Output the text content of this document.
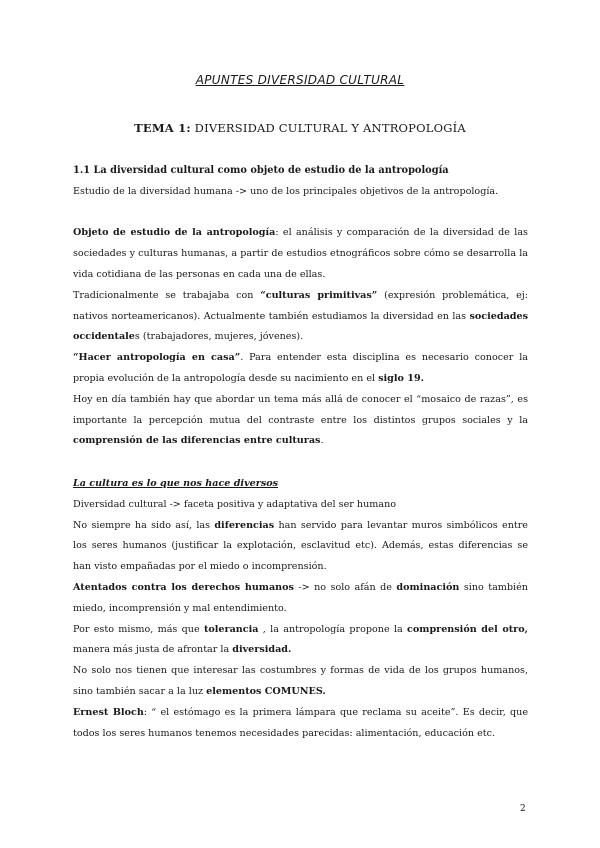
APUNTES DIVERSIDAD CULTURAL
TEMA 1: DIVERSIDAD CULTURAL Y ANTROPOLOGÍA
1.1 La diversidad cultural como objeto de estudio de la antropología
Estudio de la diversidad humana -> uno de los principales objetivos de la antropología.
Objeto de estudio de la antropología: el análisis y comparación de la diversidad de las sociedades y culturas humanas, a partir de estudios etnográficos sobre cómo se desarrolla la vida cotidiana de las personas en cada una de ellas.
Tradicionalmente se trabajaba con “culturas primitivas” (expresión problemática, ej: nativos norteamericanos). Actualmente también estudiamos la diversidad en las sociedades occidentales (trabajadores, mujeres, jóvenes).
“Hacer antropología en casa”. Para entender esta disciplina es necesario conocer la propia evolución de la antropología desde su nacimiento en el siglo 19.
Hoy en día también hay que abordar un tema más allá de conocer el “mosaico de razas”, es importante la percepción mutua del contraste entre los distintos grupos sociales y la comprensión de las diferencias entre culturas.
La cultura es lo que nos hace diversos
Diversidad cultural -> faceta positiva y adaptativa del ser humano
No siempre ha sido así, las diferencias han servido para levantar muros simbólicos entre los seres humanos (justificar la explotación, esclavitud etc). Además, estas diferencias se han visto empañadas por el miedo o incomprensión.
Atentados contra los derechos humanos -> no solo afán de dominación sino también miedo, incomprensión y mal entendimiento.
Por esto mismo, más que tolerancia , la antropología propone la comprensión del otro, manera más justa de afrontar la diversidad.
No solo nos tienen que interesar las costumbres y formas de vida de los grupos humanos, sino también sacar a la luz elementos COMUNES.
Ernest Bloch: “ el estómago es la primera lámpara que reclama su aceite”. Es decir, que todos los seres humanos tenemos necesidades parecidas: alimentación, educación etc.
2
